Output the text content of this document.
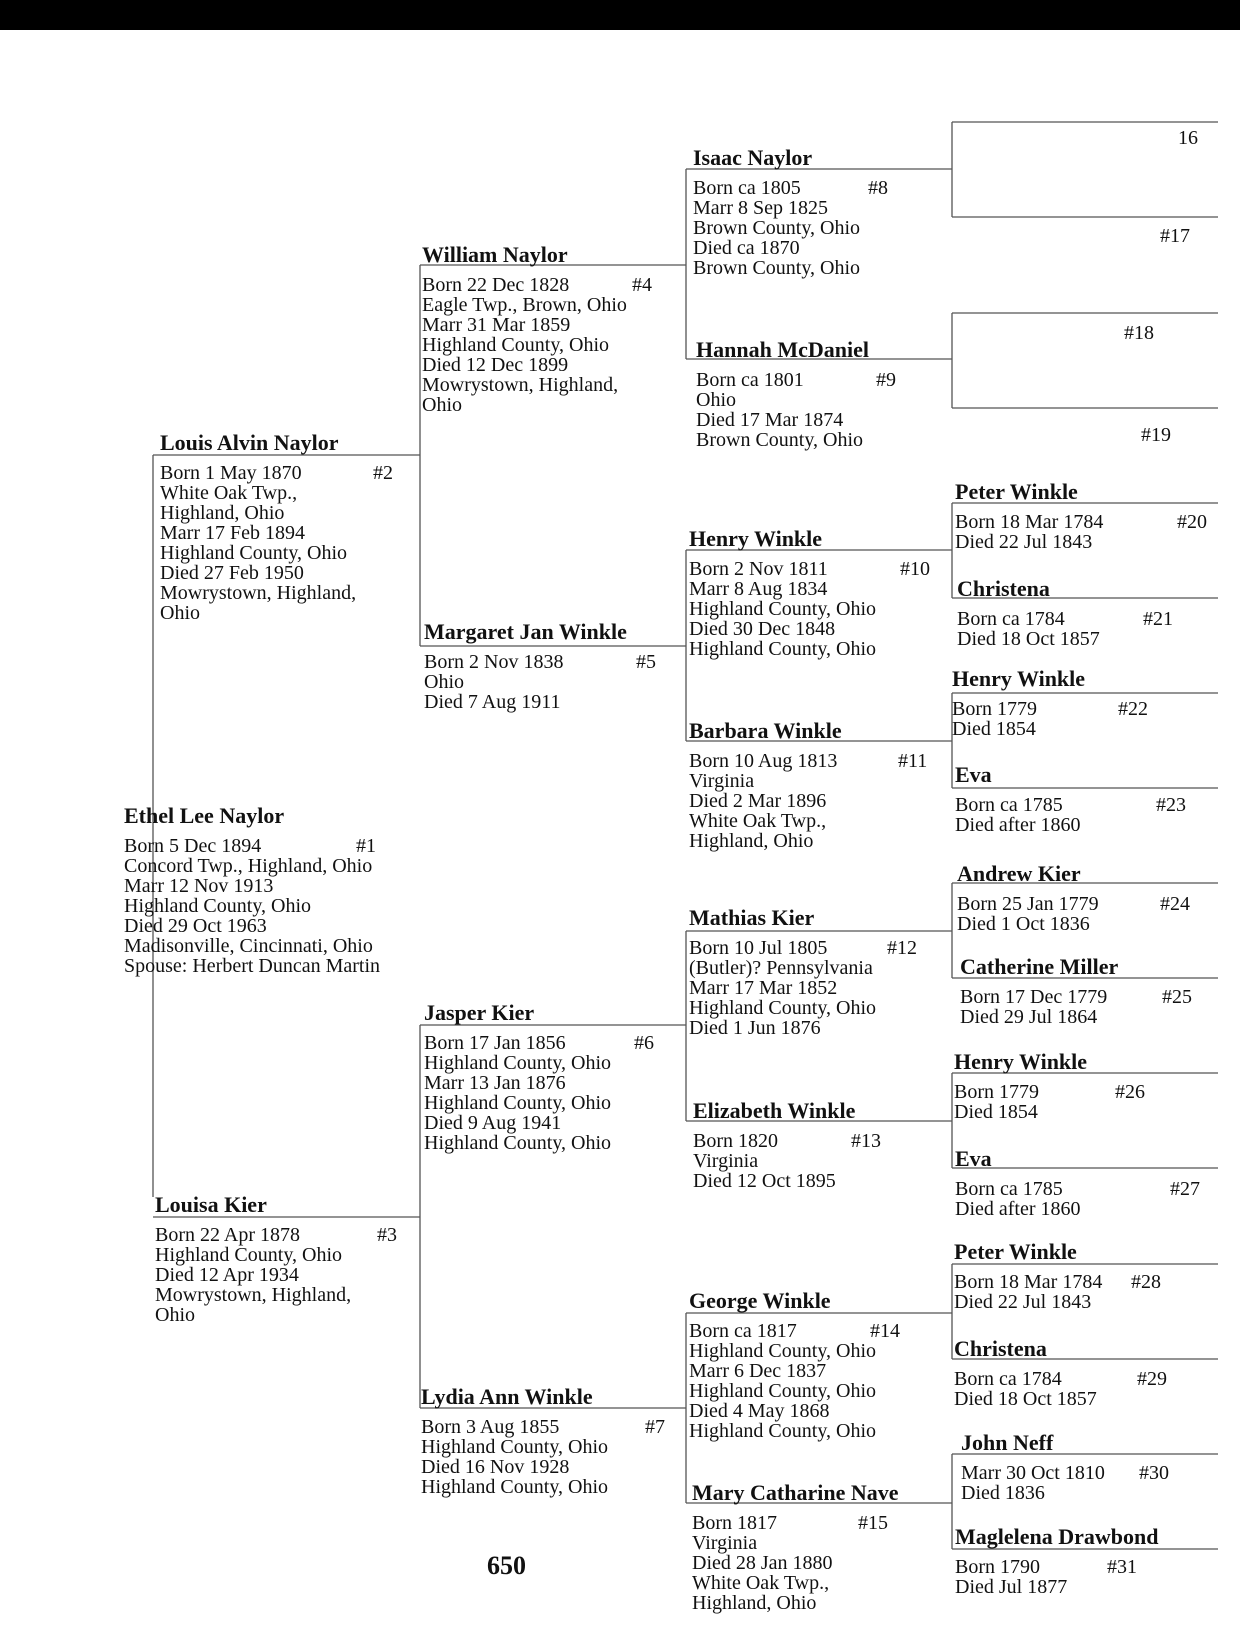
Ethel Lee Naylor
#1
Born 5 Dec 1894
Concord Twp., Highland, Ohio
Marr 12 Nov 1913
Highland County, Ohio
Died 29 Oct 1963
Madisonville, Cincinnati, Ohio
Spouse: Herbert Duncan Martin
Louis Alvin Naylor
#2
Born 1 May 1870
White Oak Twp.,
Highland, Ohio
Marr 17 Feb 1894
Highland County, Ohio
Died 27 Feb 1950
Mowrystown, Highland,
Ohio
Louisa Kier
#3
Born 22 Apr 1878
Highland County, Ohio
Died 12 Apr 1934
Mowrystown, Highland,
Ohio
William Naylor
#4
Born 22 Dec 1828
Eagle Twp., Brown, Ohio
Marr 31 Mar 1859
Highland County, Ohio
Died 12 Dec 1899
Mowrystown, Highland,
Ohio
Margaret Jan Winkle
#5
Born 2 Nov 1838
Ohio
Died 7 Aug 1911
Jasper Kier
#6
Born 17 Jan 1856
Highland County, Ohio
Marr 13 Jan 1876
Highland County, Ohio
Died 9 Aug 1941
Highland County, Ohio
Lydia Ann Winkle
#7
Born 3 Aug 1855
Highland County, Ohio
Died 16 Nov 1928
Highland County, Ohio
Isaac Naylor
#8
Born ca 1805
Marr 8 Sep 1825
Brown County, Ohio
Died ca 1870
Brown County, Ohio
Hannah McDaniel
#9
Born ca 1801
Ohio
Died 17 Mar 1874
Brown County, Ohio
Henry Winkle
#10
Born 2 Nov 1811
Marr 8 Aug 1834
Highland County, Ohio
Died 30 Dec 1848
Highland County, Ohio
Barbara Winkle
#11
Born 10 Aug 1813
Virginia
Died 2 Mar 1896
White Oak Twp.,
Highland, Ohio
Mathias Kier
#12
Born 10 Jul 1805
(Butler)? Pennsylvania
Marr 17 Mar 1852
Highland County, Ohio
Died 1 Jun 1876
Elizabeth Winkle
#13
Born 1820
Virginia
Died 12 Oct 1895
George Winkle
#14
Born ca 1817
Highland County, Ohio
Marr 6 Dec 1837
Highland County, Ohio
Died 4 May 1868
Highland County, Ohio
Mary Catharine Nave
#15
Born 1817
Virginia
Died 28 Jan 1880
White Oak Twp.,
Highland, Ohio
Peter Winkle
#20
Born 18 Mar 1784
Died 22 Jul 1843
Christena
#21
Born ca 1784
Died 18 Oct 1857
Henry Winkle
#22
Born 1779
Died 1854
Eva
#23
Born ca 1785
Died after 1860
Andrew Kier
#24
Born 25 Jan 1779
Died 1 Oct 1836
Catherine Miller
#25
Born 17 Dec 1779
Died 29 Jul 1864
Henry Winkle
#26
Born 1779
Died 1854
Eva
#27
Born ca 1785
Died after 1860
Peter Winkle
#28
Born 18 Mar 1784
Died 22 Jul 1843
Christena
#29
Born ca 1784
Died 18 Oct 1857
John Neff
#30
Marr 30 Oct 1810
Died 1836
Maglelena Drawbond
#31
Born 1790
Died Jul 1877
16
#17
#18
#19
650
